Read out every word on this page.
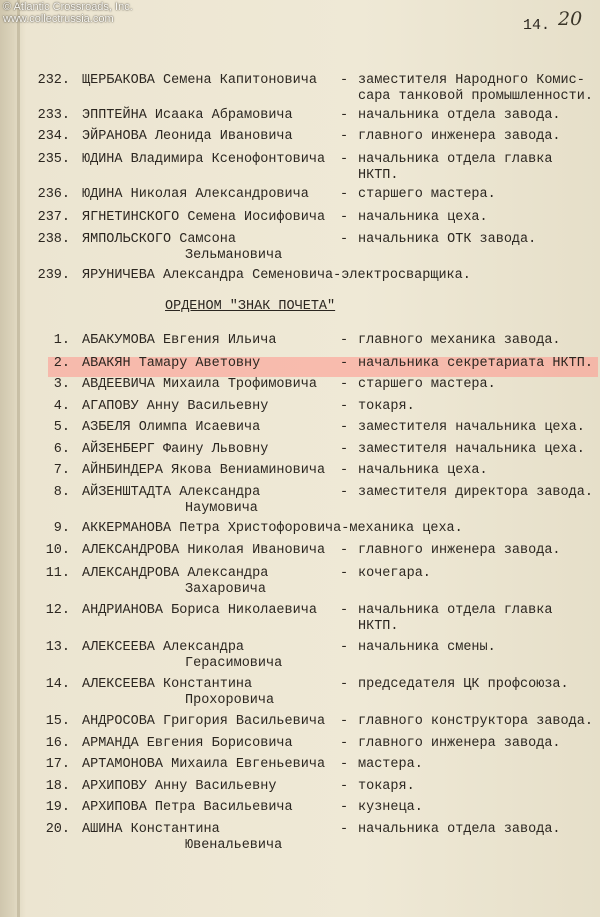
© Atlantic Crossroads, Inc.
www.collectrussia.com	14. 20
ОРДЕНОМ "ЗНАК ПОЧЕТА"
232. ЩЕРБАКОВА Семена Капитоновича - заместителя Народного Комис-
сара танковой промышленности.
233. ЭППТЕЙНА Исаака Абрамовича	- начальника отдела завода.
234. ЭЙРАНОВА Леонида Ивановича	- главного инженера завода.
235. ЮДИНА Владимира Ксенофонтовича - начальника отдела главка
НКТП.
236. ЮДИНА Николая Александровича - старшего мастера.
237. ЯГНЕТИНСКОГО Семена Иосифовича - начальника цеха.
238. ЯМПОЛЬСКОГО Самсона
Зельмановича
- начальника ОТК завода.
239. ЯРУНИЧЕВА Александра Семеновича-электросварщика.
1. АБАКУМОВА Евгения Ильича	- главного механика завода.
2. АВАКЯН Тамару Аветовну	- начальника секретариата НКТП.
3. АВДЕЕВИЧА Михаила Трофимовича - старшего мастера.
4. АГАПОВУ Анну Васильевну	- токаря.
5. АЗБЕЛЯ Олимпа Исаевича	- заместителя начальника цеха.
6. АЙЗЕНБЕРГ Фаину Львовну	- заместителя начальника цеха.
7. АЙНБИНДЕРА Якова Вениаминовича - начальника цеха.
8. АЙЗЕНШТАДТА Александра
Наумовича
- заместителя директора завода.
9. АККЕРМАНОВА Петра Христофоровича-механика цеха.
10. АЛЕКСАНДРОВА Николая Ивановича - главного инженера завода.
11. АЛЕКСАНДРОВА Александра
Захаровича
- кочегара.
12. АНДРИАНОВА Бориса Николаевича - начальника отдела главка
НКТП.
13. АЛЕКСЕЕВА Александра
Герасимовича
- начальника смены.
14. АЛЕКСЕЕВА Константина
Прохоровича
- председателя ЦК профсоюза.
15. АНДРОСОВА Григория Васильевича - главного конструктора завода.
16. АРМАНДА Евгения Борисовича	- главного инженера завода.
17. АРТАМОНОВА Михаила Евгеньевича - мастера.
18. АРХИПОВУ Анну Васильевну	- токаря.
19. АРХИПОВА Петра Васильевича	- кузнеца.
20. АШИНА Константина
Ювенальевича
- начальника отдела завода.
